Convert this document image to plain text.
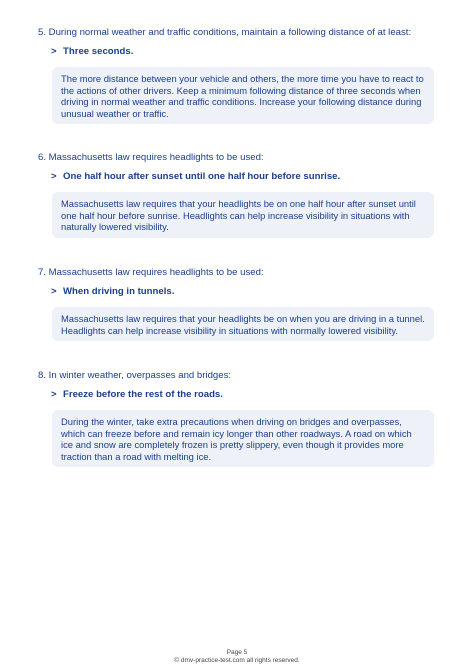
5. During normal weather and traffic conditions, maintain a following distance of at least:
> Three seconds.
The more distance between your vehicle and others, the more time you have to react to the actions of other drivers. Keep a minimum following distance of three seconds when driving in normal weather and traffic conditions. Increase your following distance during unusual weather or traffic.
6. Massachusetts law requires headlights to be used:
> One half hour after sunset until one half hour before sunrise.
Massachusetts law requires that your headlights be on one half hour after sunset until one half hour before sunrise. Headlights can help increase visibility in situations with naturally lowered visibility.
7. Massachusetts law requires headlights to be used:
> When driving in tunnels.
Massachusetts law requires that your headlights be on when you are driving in a tunnel. Headlights can help increase visibility in situations with normally lowered visibility.
8. In winter weather, overpasses and bridges:
> Freeze before the rest of the roads.
During the winter, take extra precautions when driving on bridges and overpasses, which can freeze before and remain icy longer than other roadways. A road on which ice and snow are completely frozen is pretty slippery, even though it provides more traction than a road with melting ice.
Page 5
© dmv-practice-test.com all rights reserved.
